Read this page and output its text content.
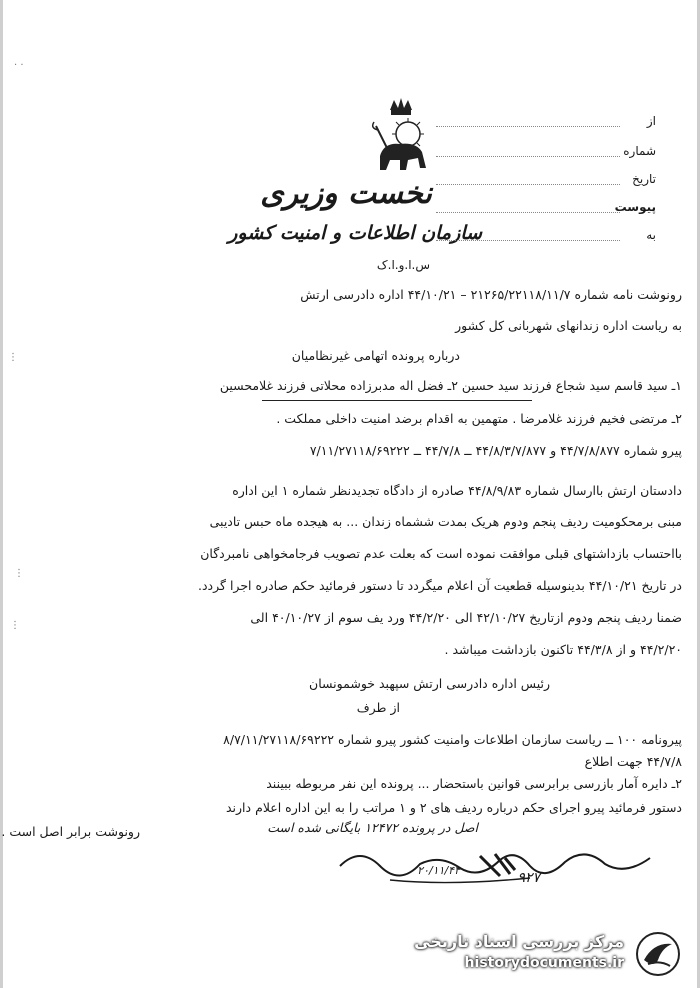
· ·
⋮
⋮
⋮
نخست وزیری
سازمان اطلاعات و امنیت کشور
س.ا.و.ا.ک
از
شماره
تاریخ
پیوست
به
رونوشت نامه شماره ۲۱۲۶۵/۲۲۱۱۸/۱۱/۷ – ۴۴/۱۰/۲۱ اداره دادرسی ارتش
به ریاست اداره زندانهای شهربانی کل کشور
درباره پرونده اتهامی غیرنظامیان
۱ـ سید قاسم سید شجاع فرزند سید حسین ۲ـ فضل اله مدبرزاده محلاتی فرزند غلامحسین
۲ـ مرتضی فخیم فرزند غلامرضا . متهمین به اقدام برضد امنیت داخلی مملکت .
پیرو شماره ۴۴/۷/۸/۸۷۷ و ۴۴/۸/۳/۷/۸۷۷ ــ ۴۴/۷/۸ ــ ۷/۱۱/۲۷۱۱۸/۶۹۲۲۲
دادستان ارتش باارسال شماره ۴۴/۸/۹/۸۳ صادره از دادگاه تجدیدنظر شماره ۱ این اداره
مبنی برمحکومیت ردیف پنجم ودوم هریک بمدت ششماه زندان ... به هیجده ماه حبس تادیبی
بااحتساب بازداشتهای قبلی موافقت نموده است که بعلت عدم تصویب فرجامخواهی نامبردگان
در تاریخ ۴۴/۱۰/۲۱ بدینوسیله قطعیت آن اعلام میگردد تا دستور فرمائید حکم صادره اجرا گردد.
ضمنا ردیف پنجم ودوم ازتاریخ ۴۲/۱۰/۲۷ الی ۴۴/۲/۲۰ ورد یف سوم از ۴۰/۱۰/۲۷ الی
۴۴/۲/۲۰ و از ۴۴/۳/۸ تاکنون بازداشت میباشد .
رئیس اداره دادرسی ارتش سپهبد خوشمونسان
از طرف
پیرونامه ۱۰۰ ــ ریاست سازمان اطلاعات وامنیت کشور پیرو شماره ۸/۷/۱۱/۲۷۱۱۸/۶۹۲۲۲
۴۴/۷/۸ جهت اطلاع
۲ـ دایره آمار بازرسی برابرسی قوانین باستحضار ... پرونده این نفر مربوطه ببینند
دستور فرمائید پیرو اجرای حکم درباره ردیف های ۲ و ۱ مراتب را به این اداره اعلام دارند
رونوشت برابر اصل است .	اصل در پرونده ۱۲۴۷۲ بایگانی شده است
۹۲۷
۲۰/۱۱/۴۴
مرکز بررسی اسناد تاریخی
historydocuments.ir
